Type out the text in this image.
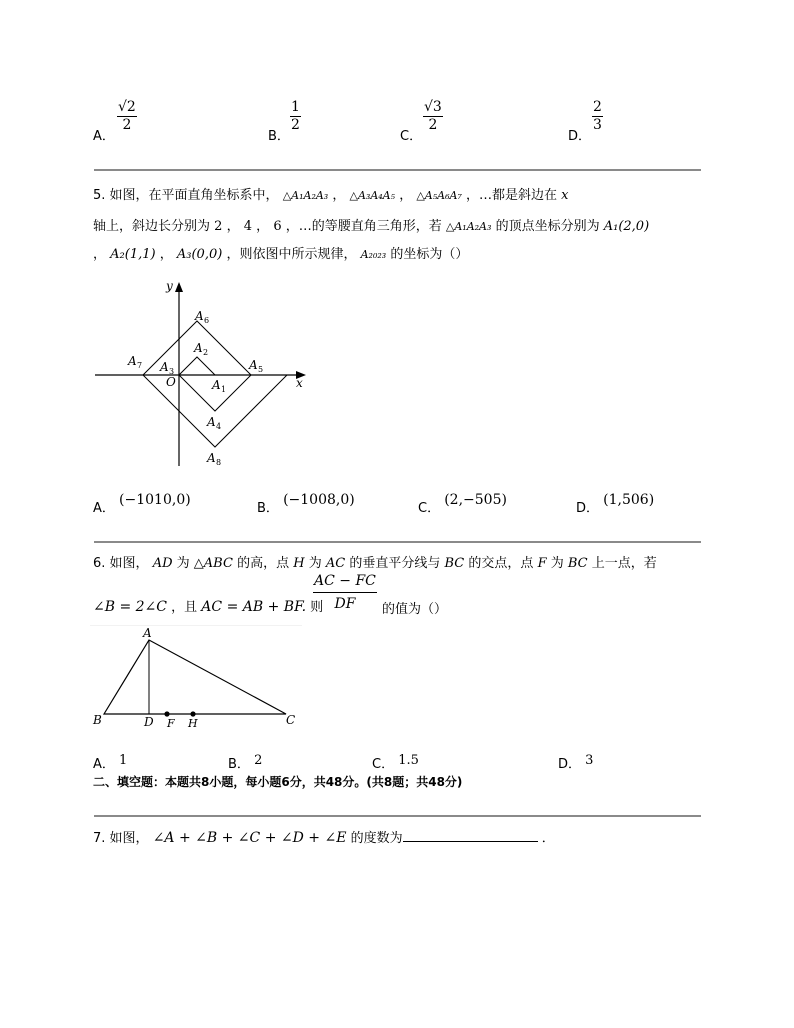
A．
√2
2
B．
1
2
C．
√3
2
D．
2
3
5. 如图，在平面直角坐标系中， △A₁A₂A₃ ， △A₃A₄A₅ ， △A₅A₆A₇ ，…都是斜边在 x
轴上，斜边长分别为 2 ， 4 ， 6 ，…的等腰直角三角形，若 △A₁A₂A₃ 的顶点坐标分别为 A₁(2,0)
， A₂(1,1) ， A₃(0,0) ，则依图中所示规律， A₂₀₂₃ 的坐标为（）
y
x
O	A 1
A 2
A 3
A 4
A 5
A 6
A 7
A 8
A． (−1010,0)
B． (−1008,0)
C． (2,−505)
D． (1,506)
6. 如图， AD 为 △ABC 的高，点 H 为 AC 的垂直平分线与 BC 的交点，点 F 为 BC 上一点，若
∠B = 2∠C ，且 AC = AB + BF. 则
AC − FC
DF 的值为（）
A
B	C
D F H
A． 1	B． 2	C． 1.5	D． 3
二、填空题：本题共8小题，每小题6分，共48分。(共8题；共48分)
7. 如图， ∠A + ∠B + ∠C + ∠D + ∠E 的度数为	．
